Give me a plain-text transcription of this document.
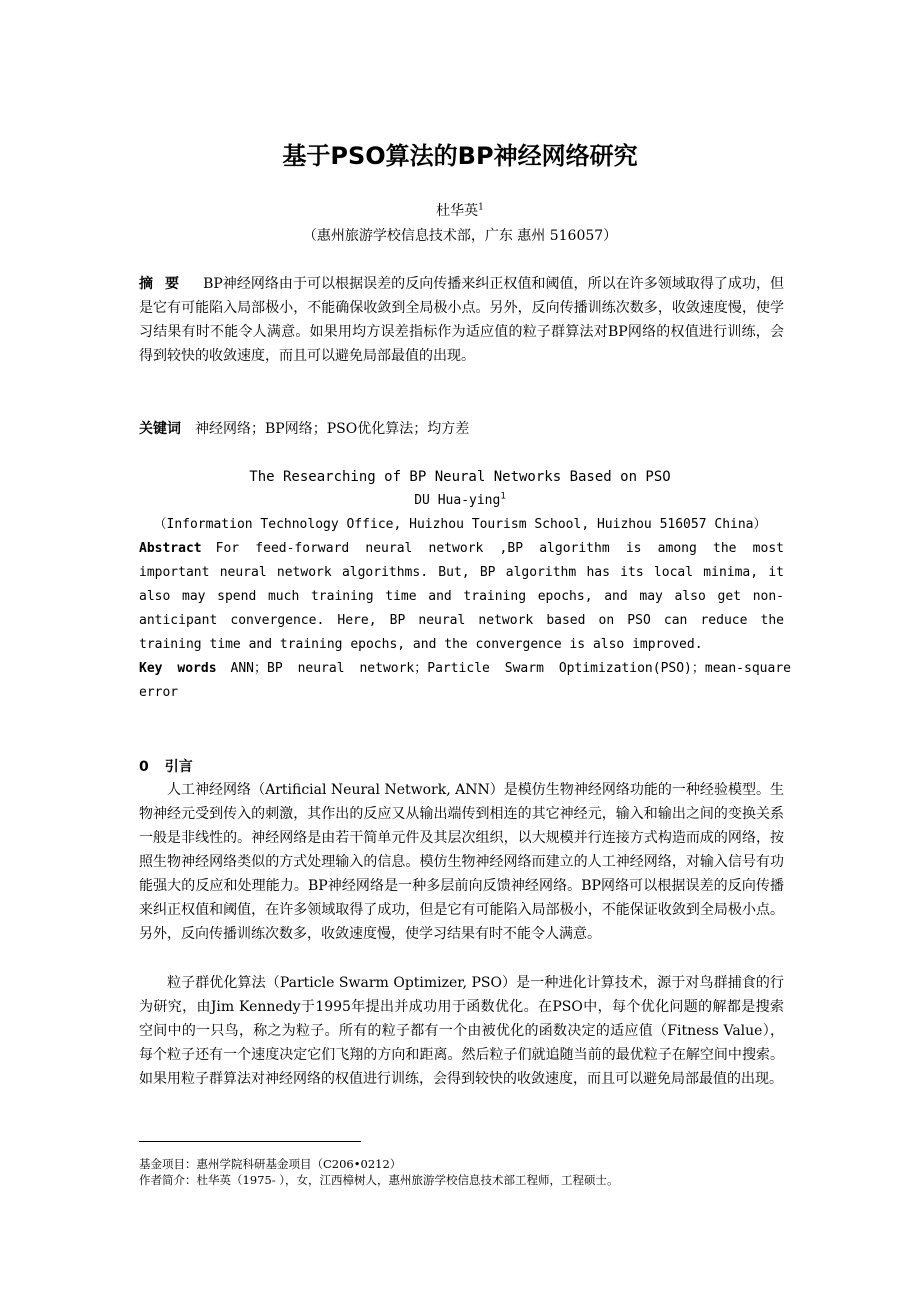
基于PSO算法的BP神经网络研究
杜华英$^1$
（惠州旅游学校信息技术部，广东 惠州 516057）
摘要 BP神经网络由于可以根据误差的反向传播来纠正权值和阈值，所以在许多领域取得了成功，但是它有可能陷入局部极小，不能确保收敛到全局极小点。另外，反向传播训练次数多，收敛速度慢，使学习结果有时不能令人满意。如果用均方误差指标作为适应值的粒子群算法对BP网络的权值进行训练，会得到较快的收敛速度，而且可以避免局部最值的出现。
关键词 神经网络；BP网络；PSO优化算法；均方差
The Researching of BP Neural Networks Based on PSO
DU Hua-ying$^1$
（Information Technology Office, Huizhou Tourism School, Huizhou 516057 China）
Abstract For feed-forward neural network ,BP algorithm is among the most important neural network algorithms. But, BP algorithm has its local minima, it also may spend much training time and training epochs, and may also get non-anticipant convergence. Here, BP neural network based on PSO can reduce the training time and training epochs, and the convergence is also improved.
Key words ANN；BP neural network；Particle Swarm Optimization(PSO)；mean-square error
0 引言
人工神经网络（Artificial Neural Network, ANN）是模仿生物神经网络功能的一种经验模型。生物神经元受到传入的刺激，其作出的反应又从输出端传到相连的其它神经元，输入和输出之间的变换关系一般是非线性的。神经网络是由若干简单元件及其层次组织，以大规模并行连接方式构造而成的网络，按照生物神经网络类似的方式处理输入的信息。模仿生物神经网络而建立的人工神经网络，对输入信号有功能强大的反应和处理能力。BP神经网络是一种多层前向反馈神经网络。BP网络可以根据误差的反向传播来纠正权值和阈值，在许多领域取得了成功，但是它有可能陷入局部极小，不能保证收敛到全局极小点。另外，反向传播训练次数多，收敛速度慢，使学习结果有时不能令人满意。
粒子群优化算法（Particle Swarm Optimizer, PSO）是一种进化计算技术，源于对鸟群捕食的行为研究，由Jim Kennedy于1995年提出并成功用于函数优化。在PSO中，每个优化问题的解都是搜索空间中的一只鸟，称之为粒子。所有的粒子都有一个由被优化的函数决定的适应值（Fitness Value），每个粒子还有一个速度决定它们飞翔的方向和距离。然后粒子们就追随当前的最优粒子在解空间中搜索。如果用粒子群算法对神经网络的权值进行训练，会得到较快的收敛速度，而且可以避免局部最值的出现。
基金项目：惠州学院科研基金项目（C206•0212）
作者简介：杜华英（1975- ），女，江西樟树人，惠州旅游学校信息技术部工程师，工程硕士。
